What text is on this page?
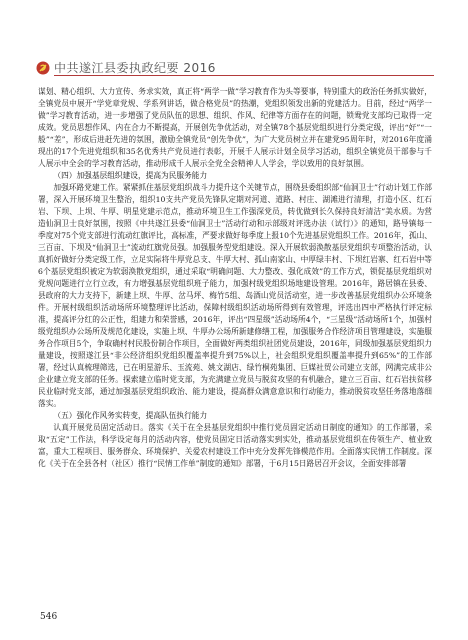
中共遂江县委执政纪要 2016

谋划、精心组织、大力宣传、务求实效，真正将“两学一做”学习教育作为头等要事，特别重大的政治任务抓实做好，全镇党员中展开“学党章党规、学系列讲话，做合格党员”的热潮，党组织领发出新的党建活力。目前，经过“两学一做”学习教育活动，进一步增强了党员队伍的思想、组织、作风、纪律等方面存在的问题，锁鸯党支部均已取得一定成效。党员思想作风、内在合力不断提高，开展创先争优活动，对全镇78个基层党组织进行分类定级，评出“好”“一般”“差”，形成后进赶先进的氛围，激励全镇党员“创先争优”，为广大党员树立并在建党95周年时，对2016年度涌现出的17个先进党组织和35名优秀共产党员进行表彰，开展千人展示计划全员学习活动，组织全镇党员干部参与千人展示中全会的学习教育活动，推动形成千人展示全党全会精神人人学会，学以致用的良好氛围。

（四）加强基层组织建设，提高为民服务能力

加强环路党建工作。紧紧抓住基层党组织战斗力提升这个关键节点，围绕县委组织部“仙洞卫士”行动计划工作部署，深入开展环境卫生整治，组织10支共产党员先锋队定期对河道、道路、村庄、湖滩进行清理，打造小区、红石岩、下坝、上坝、牛厚、明星党建示范点，推动环境卫生工作强深党员，转优做到长久保持良好清洁”美水质。为营造仙洞卫士良好氛围，按照《中共遂江县委“仙洞卫士”活动行动和示部级对评选办法（试行）》的通知，路导镇每一季度对75个党支部进行流动红旗评比，高标准，严要求做好每季度上报10个先进基层党组织工作。2016年，孤山、三百亩、下坝及“仙洞卫士”流动红旗党员强。加强服务型党组建设。深入开展软弱涣散基层党组织专项整治活动，认真抓好做好分类定级工作，立足实际将牛厚党总支、牛厚大村、孤山南家山、中厚绿丰村、下坝红岩寨、红石岩中等6个基层党组织被定为软弱涣散党组织，通过采取“明确问题、大力整改、强化成效”的工作方式，锁促基层党组织对党规问题进行立行立改，有力增强基层党组织班子能力，加强村级党组织场地建设管理。2016年，路居镇在县委、县政府的大力支持下，新建上坝、牛厚、岔马坪、梅竹5组、岛酒山党员活动室，进一步改善基层党组织办公环境条件。开展村级组织活动场所环境整理评比活动，保障村级组织活动场所得到有效管理，评选出四中严格执行评定标准，提高评分红的公正性，组建力和荣誉感，2016年，评出“四星级”活动场所4个，“三星级”活动场所1个，加强村级党组织办公场所及规范化建设，实施上坝、牛厚办公场所新建修缮工程，加强服务合作经济项目管理建设，实施服务合作项目5个，争取确村村民股份制合作项目，全面做好两类组织社团党员建设，2016年，同级加强基层党组织力量建设，按照遂江县“非公经济组织党组织覆盖率提升到75%以上，社会组织党组织覆盖率提升到65%”的工作部署，经过认真梳理筛选，已在明星游乐、玉流苑、姚文湖店、绿竹桐苑集团、巨媒社贸公司建立支部，网满完成非公企业建立党支部的任务。探索建立临时党支部，为充满建立党员与脱贫攻坚的有机融合，建立三百亩、红石岩扶贫移民业临时党支部，通过加强基层党组织政治、能力建设，提高群众满意意识和行动能力，推动脱贫攻坚任务落地落细落实。

（五）强化作风务实转变，提高队伍执行能力

认真开展党员固定活动日。落实《关于在全县基层党组织中推行党员固定活动日制度的通知》的工作部署，采取“五定”工作法，科学设定每月的活动内容，使党员固定日活动落实到实处，推动基层党组织在传领生产、植业致富，重大工程项目、服务群众、环境保护、关爱农村建设工作中充分发挥先锋模范作用。全面落实民情工作制度。深化《关于在全县各村（社区）推行“民情工作单”制度的通知》部署，于6月15日路居召开会议，全面安排部署

546
